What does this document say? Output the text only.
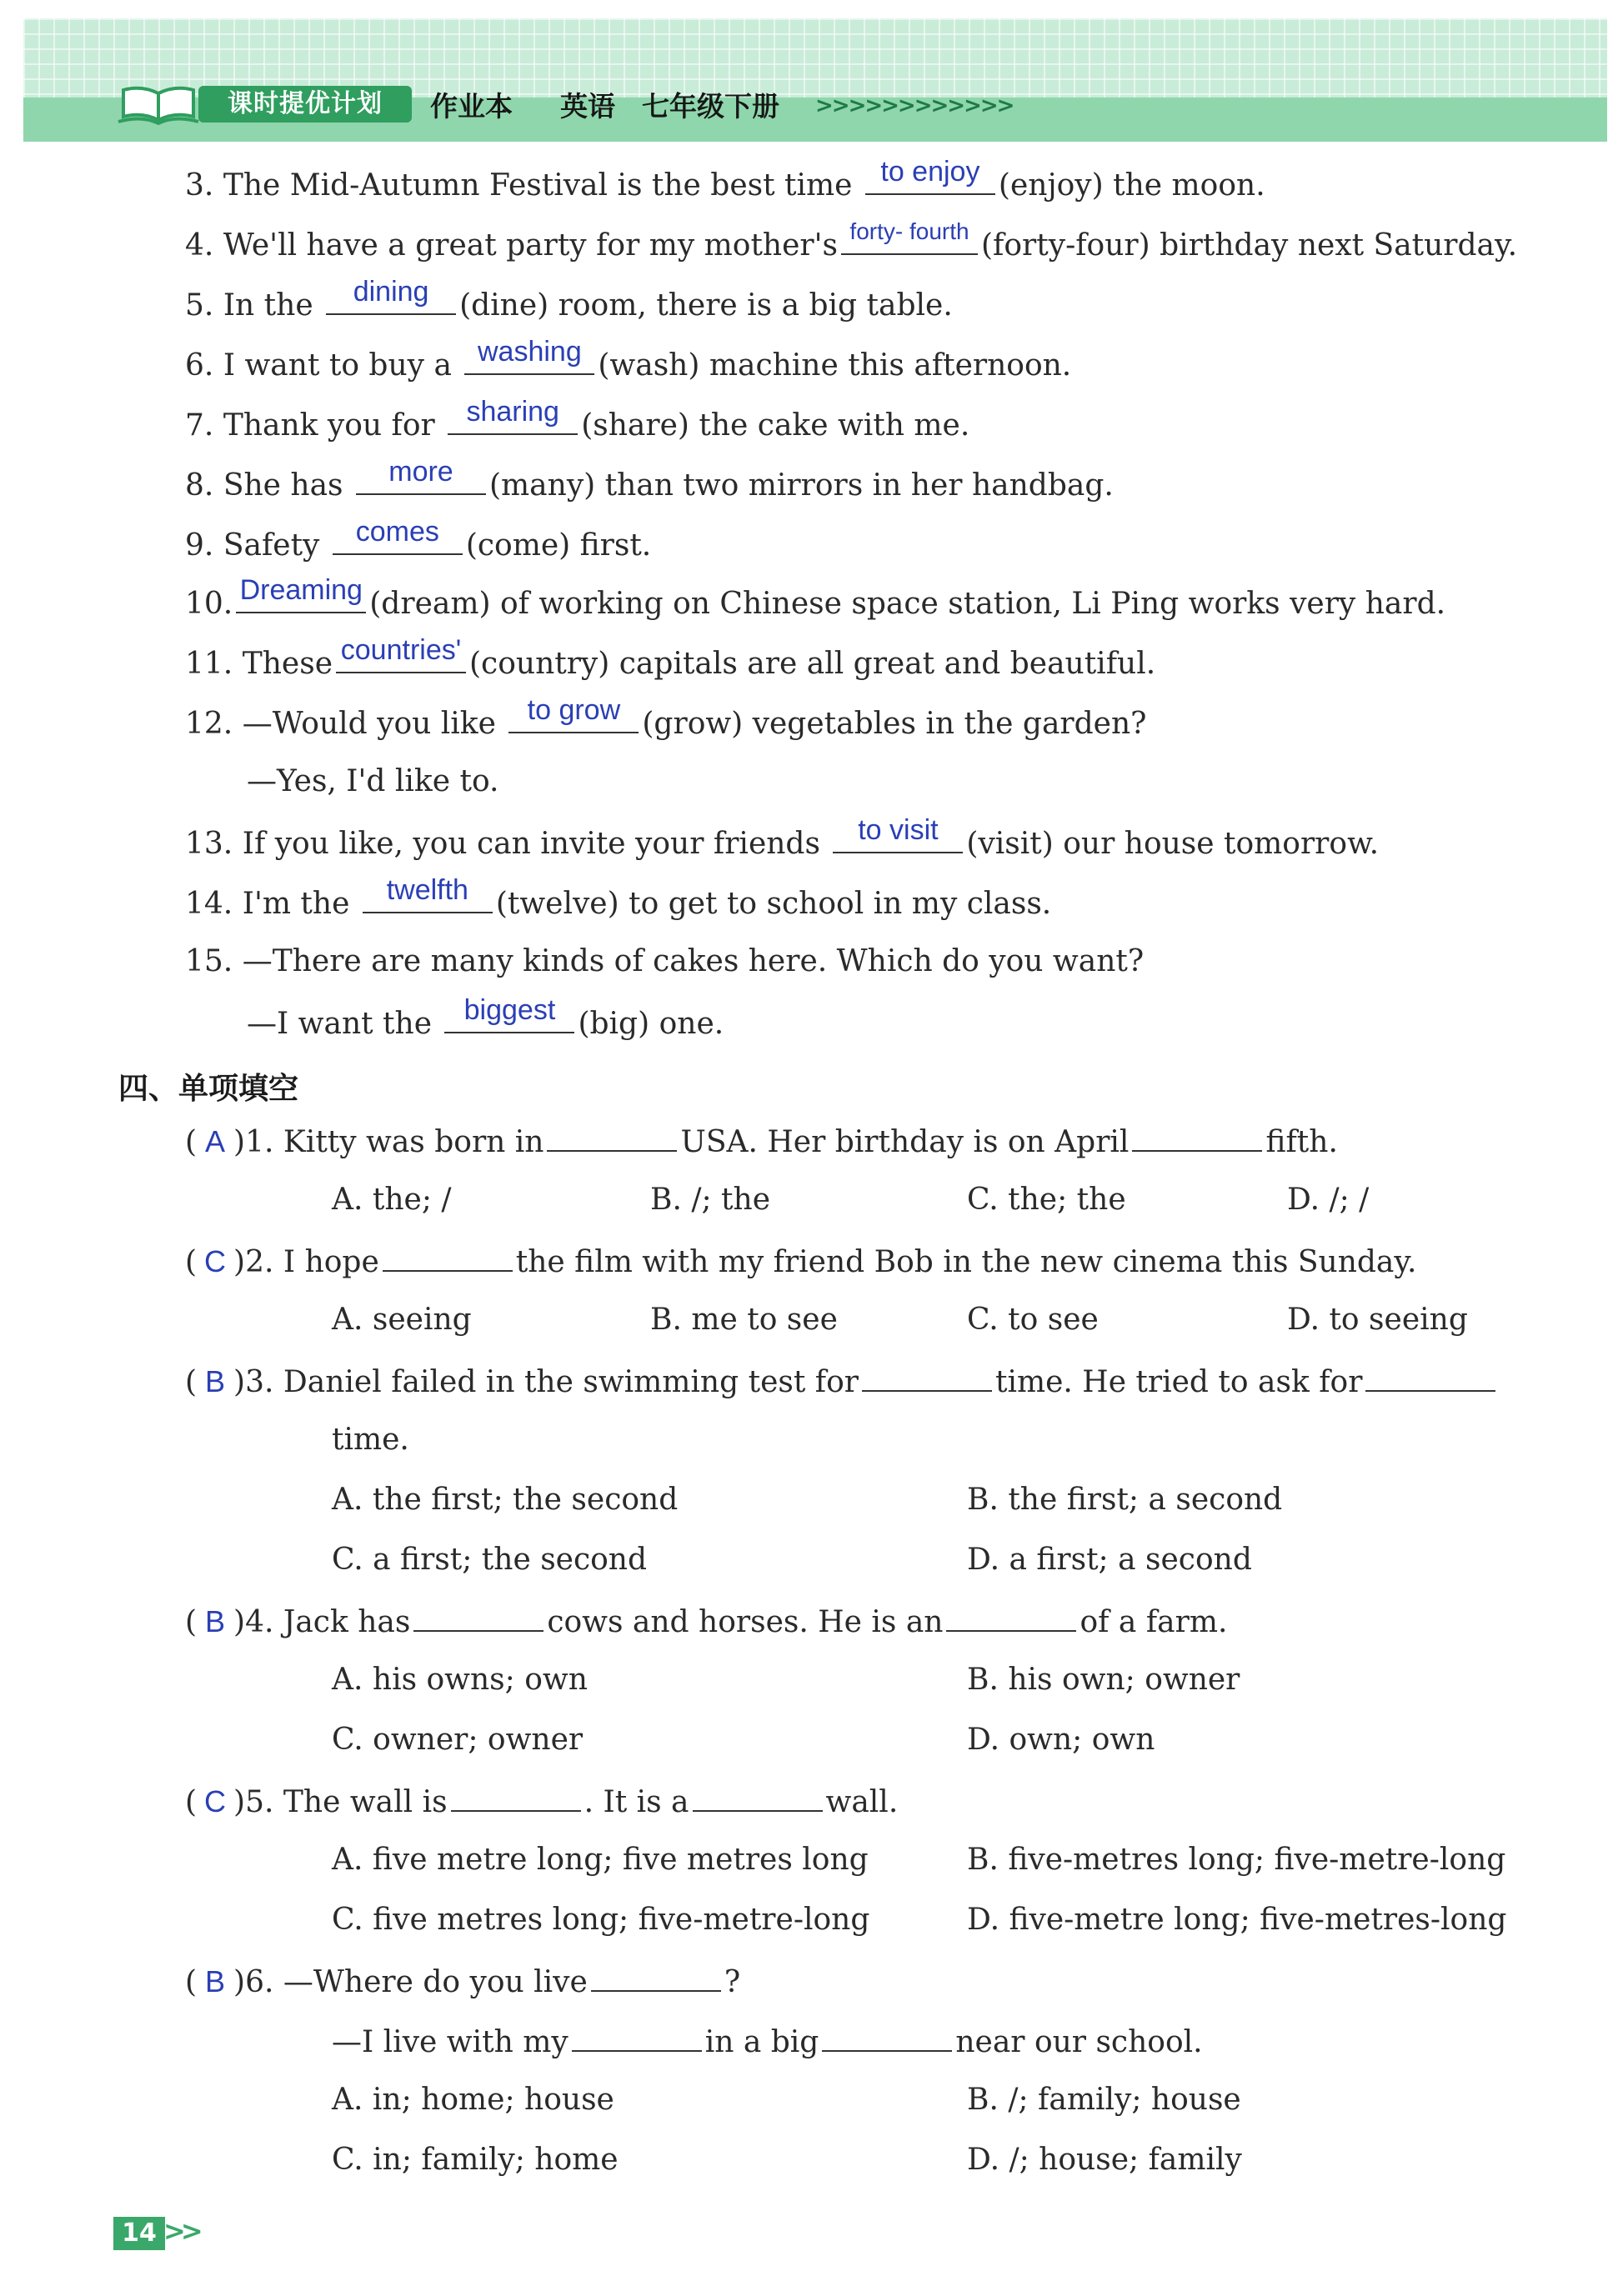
课时提优计划	作业本 英语 七年级下册 >>>>>>>>>>>>
3. The Mid-Autumn Festival is the best time to enjoy (enjoy) the moon.
4. We'll have a great party for my mother's forty- fourth (forty-four) birthday next Saturday.
5. In the	dining	(dine) room, there is a big table.
6. I want to buy a washing (wash) machine this afternoon.
7. Thank you for	sharing (share) the cake with me.
8. She has	more	(many) than two mirrors in her handbag.
9. Safety	comes (come) first.
10. Dreaming (dream) of working on Chinese space station, Li Ping works very hard.
11. These countries' (country) capitals are all great and beautiful.
12. —Would you like	to grow (grow) vegetables in the garden?
—Yes, I'd like to.
13. If you like, you can invite your friends	to visit (visit) our house tomorrow.
14. I'm the	twelfth (twelve) to get to school in my class.
15. —There are many kinds of cakes here. Which do you want?
—I want the	biggest (big) one.
四、单项填空
( A )1. Kitty was born in	USA. Her birthday is on April	fifth.
A. the; /	B. /; the	C. the; the	D. /; /
( C )2. I hope	the film with my friend Bob in the new cinema this Sunday.
A. seeing	B. me to see	C. to see	D. to seeing
( B )3. Daniel failed in the swimming test for	time. He tried to ask for
time.
A. the first; the second	B. the first; a second
C. a first; the second	D. a first; a second
( B )4. Jack has	cows and horses. He is an	of a farm.
A. his owns; own	B. his own; owner
C. owner; owner	D. own; own
( C )5. The wall is	. It is a	wall.
A. five metre long; five metres long	B. five-metres long; five-metre-long
C. five metres long; five-metre-long	D. five-metre long; five-metres-long
( B )6. —Where do you live	?
—I live with my	in a big	near our school.
A. in; home; house	B. /; family; house
C. in; family; home	D. /; house; family
14 >>
